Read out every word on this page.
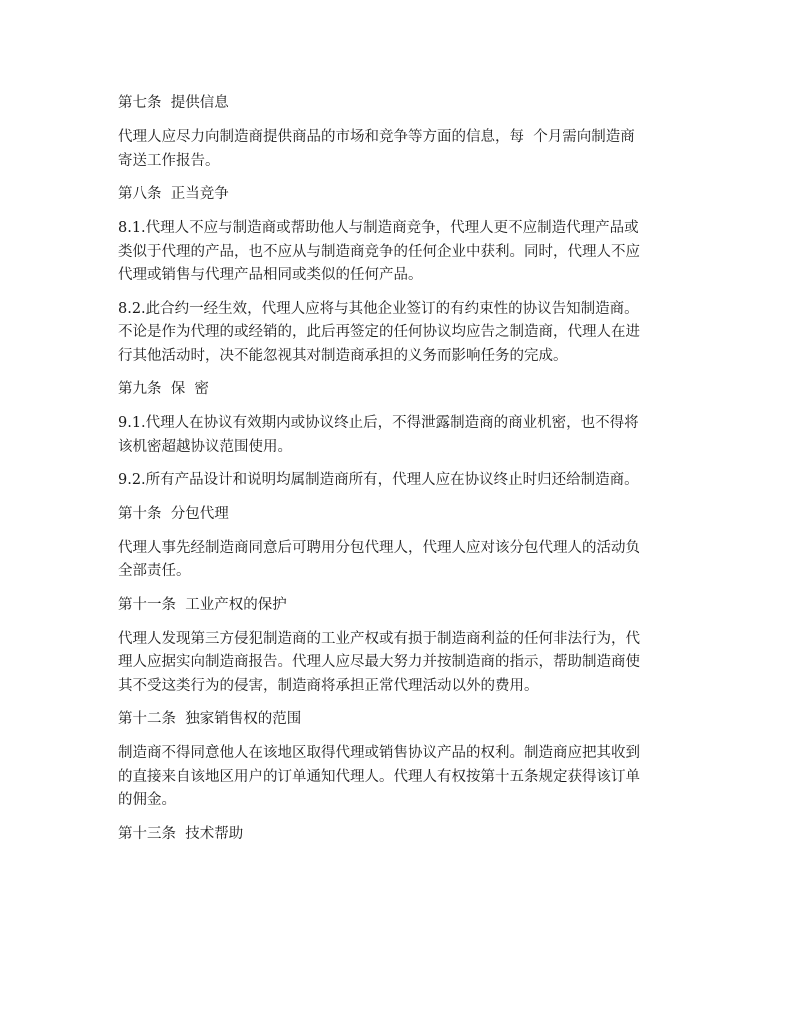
第七条  提供信息
代理人应尽力向制造商提供商品的市场和竞争等方面的信息，每  个月需向制造商
寄送工作报告。
第八条  正当竞争
8.1.代理人不应与制造商或帮助他人与制造商竞争，代理人更不应制造代理产品或
类似于代理的产品，也不应从与制造商竞争的任何企业中获利。同时，代理人不应
代理或销售与代理产品相同或类似的任何产品。
8.2.此合约一经生效，代理人应将与其他企业签订的有约束性的协议告知制造商。
不论是作为代理的或经销的，此后再签定的任何协议均应告之制造商，代理人在进
行其他活动时，决不能忽视其对制造商承担的义务而影响任务的完成。
第九条  保  密
9.1.代理人在协议有效期内或协议终止后，不得泄露制造商的商业机密，也不得将
该机密超越协议范围使用。
9.2.所有产品设计和说明均属制造商所有，代理人应在协议终止时归还给制造商。
第十条  分包代理
代理人事先经制造商同意后可聘用分包代理人，代理人应对该分包代理人的活动负
全部责任。
第十一条  工业产权的保护
代理人发现第三方侵犯制造商的工业产权或有损于制造商利益的任何非法行为，代
理人应据实向制造商报告。代理人应尽最大努力并按制造商的指示，帮助制造商使
其不受这类行为的侵害，制造商将承担正常代理活动以外的费用。
第十二条  独家销售权的范围
制造商不得同意他人在该地区取得代理或销售协议产品的权利。制造商应把其收到
的直接来自该地区用户的订单通知代理人。代理人有权按第十五条规定获得该订单
的佣金。
第十三条  技术帮助
